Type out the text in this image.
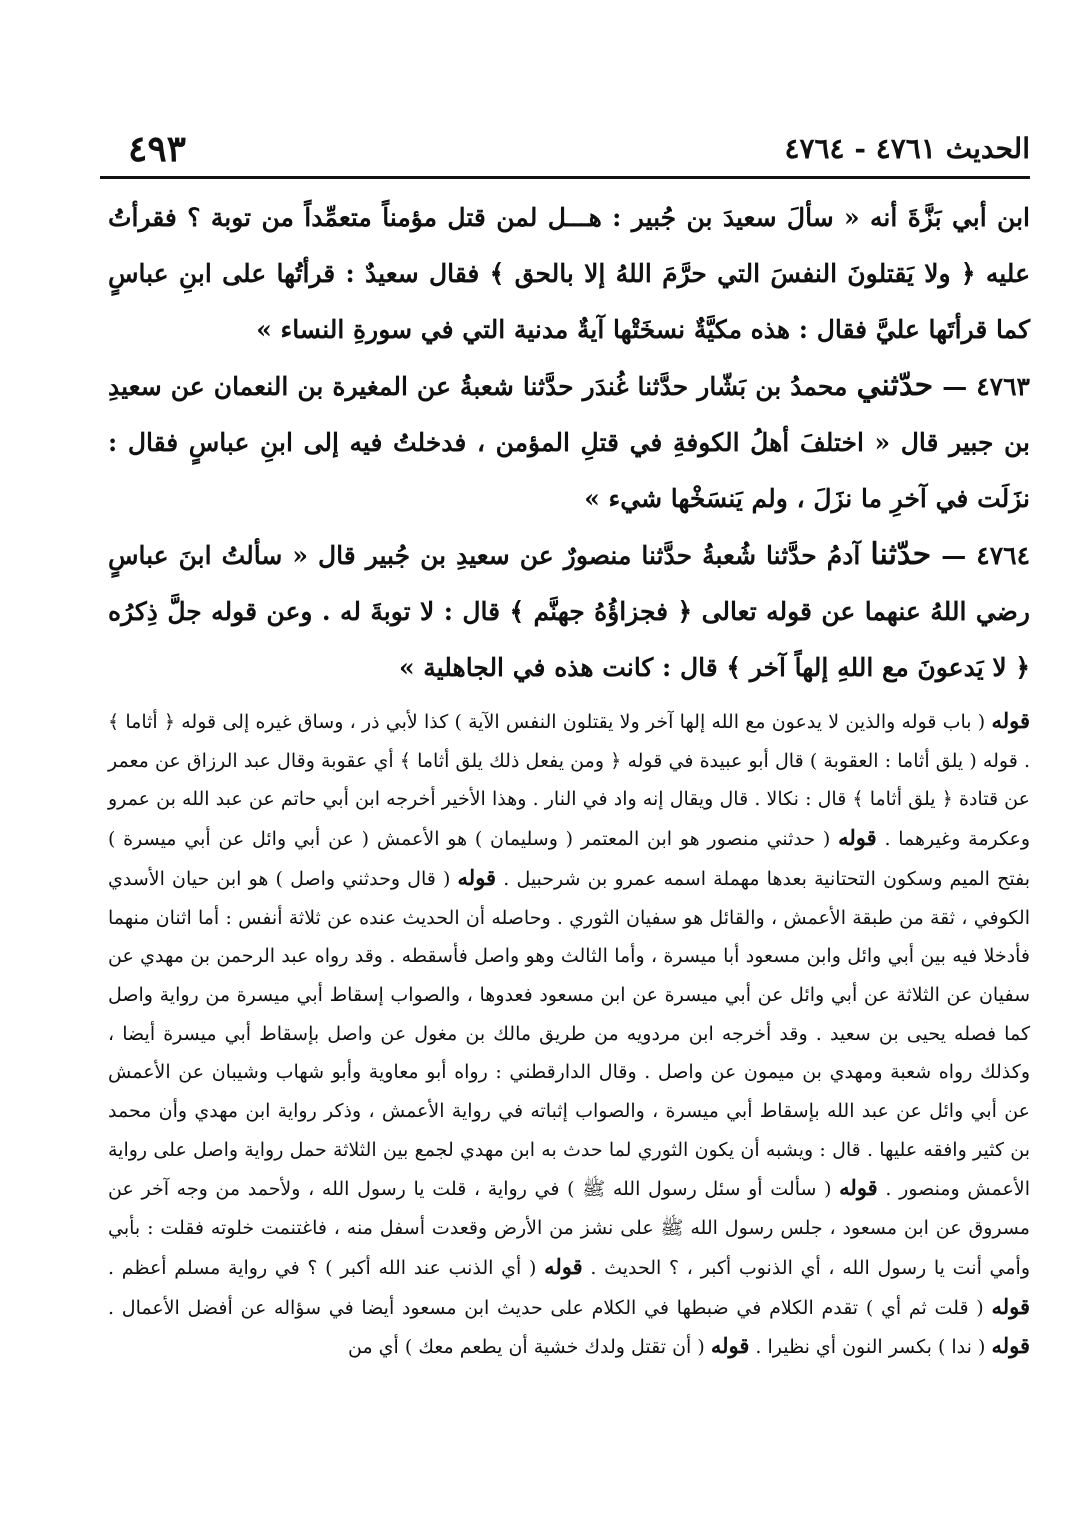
الحديث ٤٧٦١ - ٤٧٦٤
٤٩٣

ابن أبي بَزَّةَ أنه « سألَ سعيدَ بن جُبير : هـــل لمن قتل مؤمناً متعمِّداً من توبة ؟ فقرأتُ عليه ﴿ ولا يَقتلونَ النفسَ التي حرَّمَ اللهُ إلا بالحق ﴾ فقال سعيدٌ : قرأتُها على ابنِ عباسٍ كما قرأتَها عليَّ فقال : هذه مكيَّةٌ نسخَتْها آيةٌ مدنية التي في سورةِ النساء »

٤٧٦٣ — حدّثني محمدُ بن بَشّار حدَّثنا غُندَر حدَّثنا شعبةُ عن المغيرة بن النعمان عن سعيدِ بن جبير قال « اختلفَ أهلُ الكوفةِ في قتلِ المؤمن ، فدخلتُ فيه إلى ابنِ عباسٍ فقال : نزَلَت في آخرِ ما نزَلَ ، ولم يَنسَخْها شيء »

٤٧٦٤ — حدّثنا آدمُ حدَّثنا شُعبةُ حدَّثنا منصورٌ عن سعيدِ بن جُبير قال « سألتُ ابنَ عباسٍ رضي اللهُ عنهما عن قوله تعالى ﴿ فجزاؤُهُ جهنَّم ﴾ قال : لا توبةَ له . وعن قوله جلَّ ذِكرُه ﴿ لا يَدعونَ مع اللهِ إلهاً آخر ﴾ قال : كانت هذه في الجاهلية »

قوله ( باب قوله والذين لا يدعون مع الله إلها آخر ولا يقتلون النفس الآية ) كذا لأبي ذر ، وساق غيره إلى قوله ﴿ أثاما ﴾ . قوله ( يلق أثاما : العقوبة ) قال أبو عبيدة في قوله ﴿ ومن يفعل ذلك يلق أثاما ﴾ أي عقوبة وقال عبد الرزاق عن معمر عن قتادة ﴿ يلق أثاما ﴾ قال : نكالا . قال ويقال إنه واد في النار . وهذا الأخير أخرجه ابن أبي حاتم عن عبد الله بن عمرو وعكرمة وغيرهما . قوله ( حدثني منصور هو ابن المعتمر ( وسليمان ) هو الأعمش ( عن أبي وائل عن أبي ميسرة ) بفتح الميم وسكون التحتانية بعدها مهملة اسمه عمرو بن شرحبيل . قوله ( قال وحدثني واصل ) هو ابن حيان الأسدي الكوفي ، ثقة من طبقة الأعمش ، والقائل هو سفيان الثوري . وحاصله أن الحديث عنده عن ثلاثة أنفس : أما اثنان منهما فأدخلا فيه بين أبي وائل وابن مسعود أبا ميسرة ، وأما الثالث وهو واصل فأسقطه . وقد رواه عبد الرحمن بن مهدي عن سفيان عن الثلاثة عن أبي وائل عن أبي ميسرة عن ابن مسعود فعدوها ، والصواب إسقاط أبي ميسرة من رواية واصل كما فصله يحيى بن سعيد . وقد أخرجه ابن مردويه من طريق مالك بن مغول عن واصل بإسقاط أبي ميسرة أيضا ، وكذلك رواه شعبة ومهدي بن ميمون عن واصل . وقال الدارقطني : رواه أبو معاوية وأبو شهاب وشيبان عن الأعمش عن أبي وائل عن عبد الله بإسقاط أبي ميسرة ، والصواب إثباته في رواية الأعمش ، وذكر رواية ابن مهدي وأن محمد بن كثير وافقه عليها . قال : ويشبه أن يكون الثوري لما حدث به ابن مهدي لجمع بين الثلاثة حمل رواية واصل على رواية الأعمش ومنصور . قوله ( سألت أو سئل رسول الله ﷺ ) في رواية ، قلت يا رسول الله ، ولأحمد من وجه آخر عن مسروق عن ابن مسعود ، جلس رسول الله ﷺ على نشز من الأرض وقعدت أسفل منه ، فاغتنمت خلوته فقلت : بأبي وأمي أنت يا رسول الله ، أي الذنوب أكبر ، ؟ الحديث . قوله ( أي الذنب عند الله أكبر ) ؟ في رواية مسلم أعظم . قوله ( قلت ثم أي ) تقدم الكلام في ضبطها في الكلام على حديث ابن مسعود أيضا في سؤاله عن أفضل الأعمال . قوله ( ندا ) بكسر النون أي نظيرا . قوله ( أن تقتل ولدك خشية أن يطعم معك ) أي من
